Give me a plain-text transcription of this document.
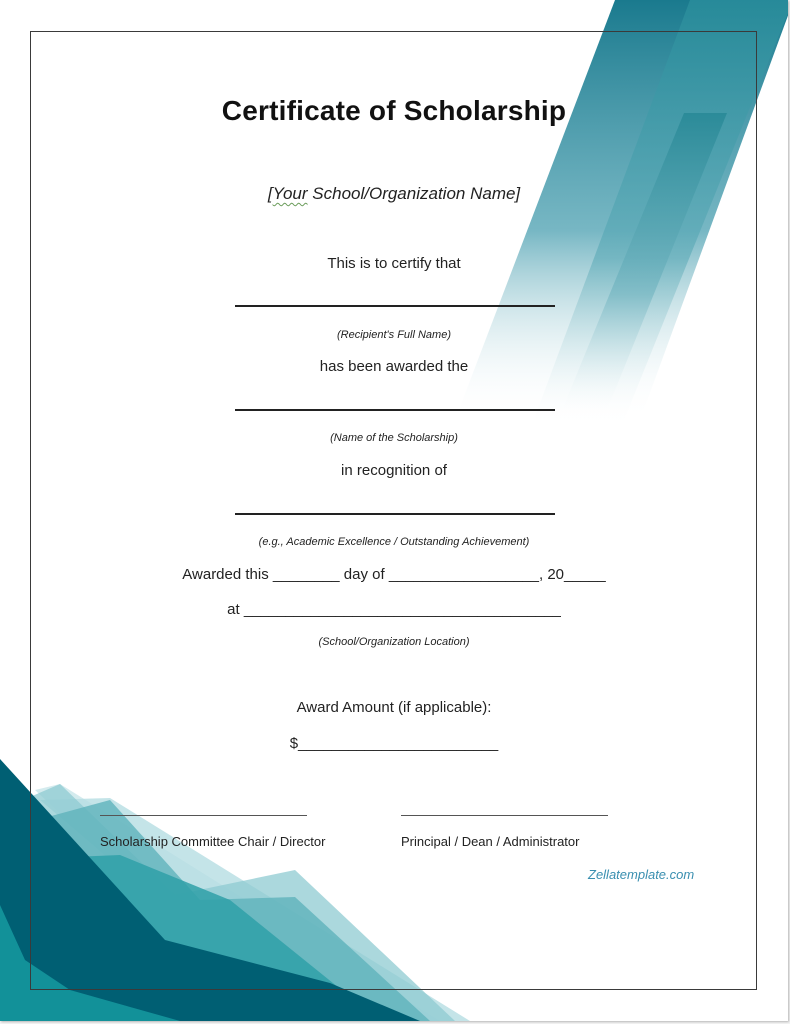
Certificate of Scholarship
[Your School/Organization Name]
This is to certify that
(Recipient's Full Name)
has been awarded the
(Name of the Scholarship)
in recognition of
(e.g., Academic Excellence / Outstanding Achievement)
Awarded this ________ day of __________________, 20_____
at ______________________________________
(School/Organization Location)
Award Amount (if applicable):
$________________________
Scholarship Committee Chair / Director	Principal / Dean / Administrator
Zellatemplate.com
